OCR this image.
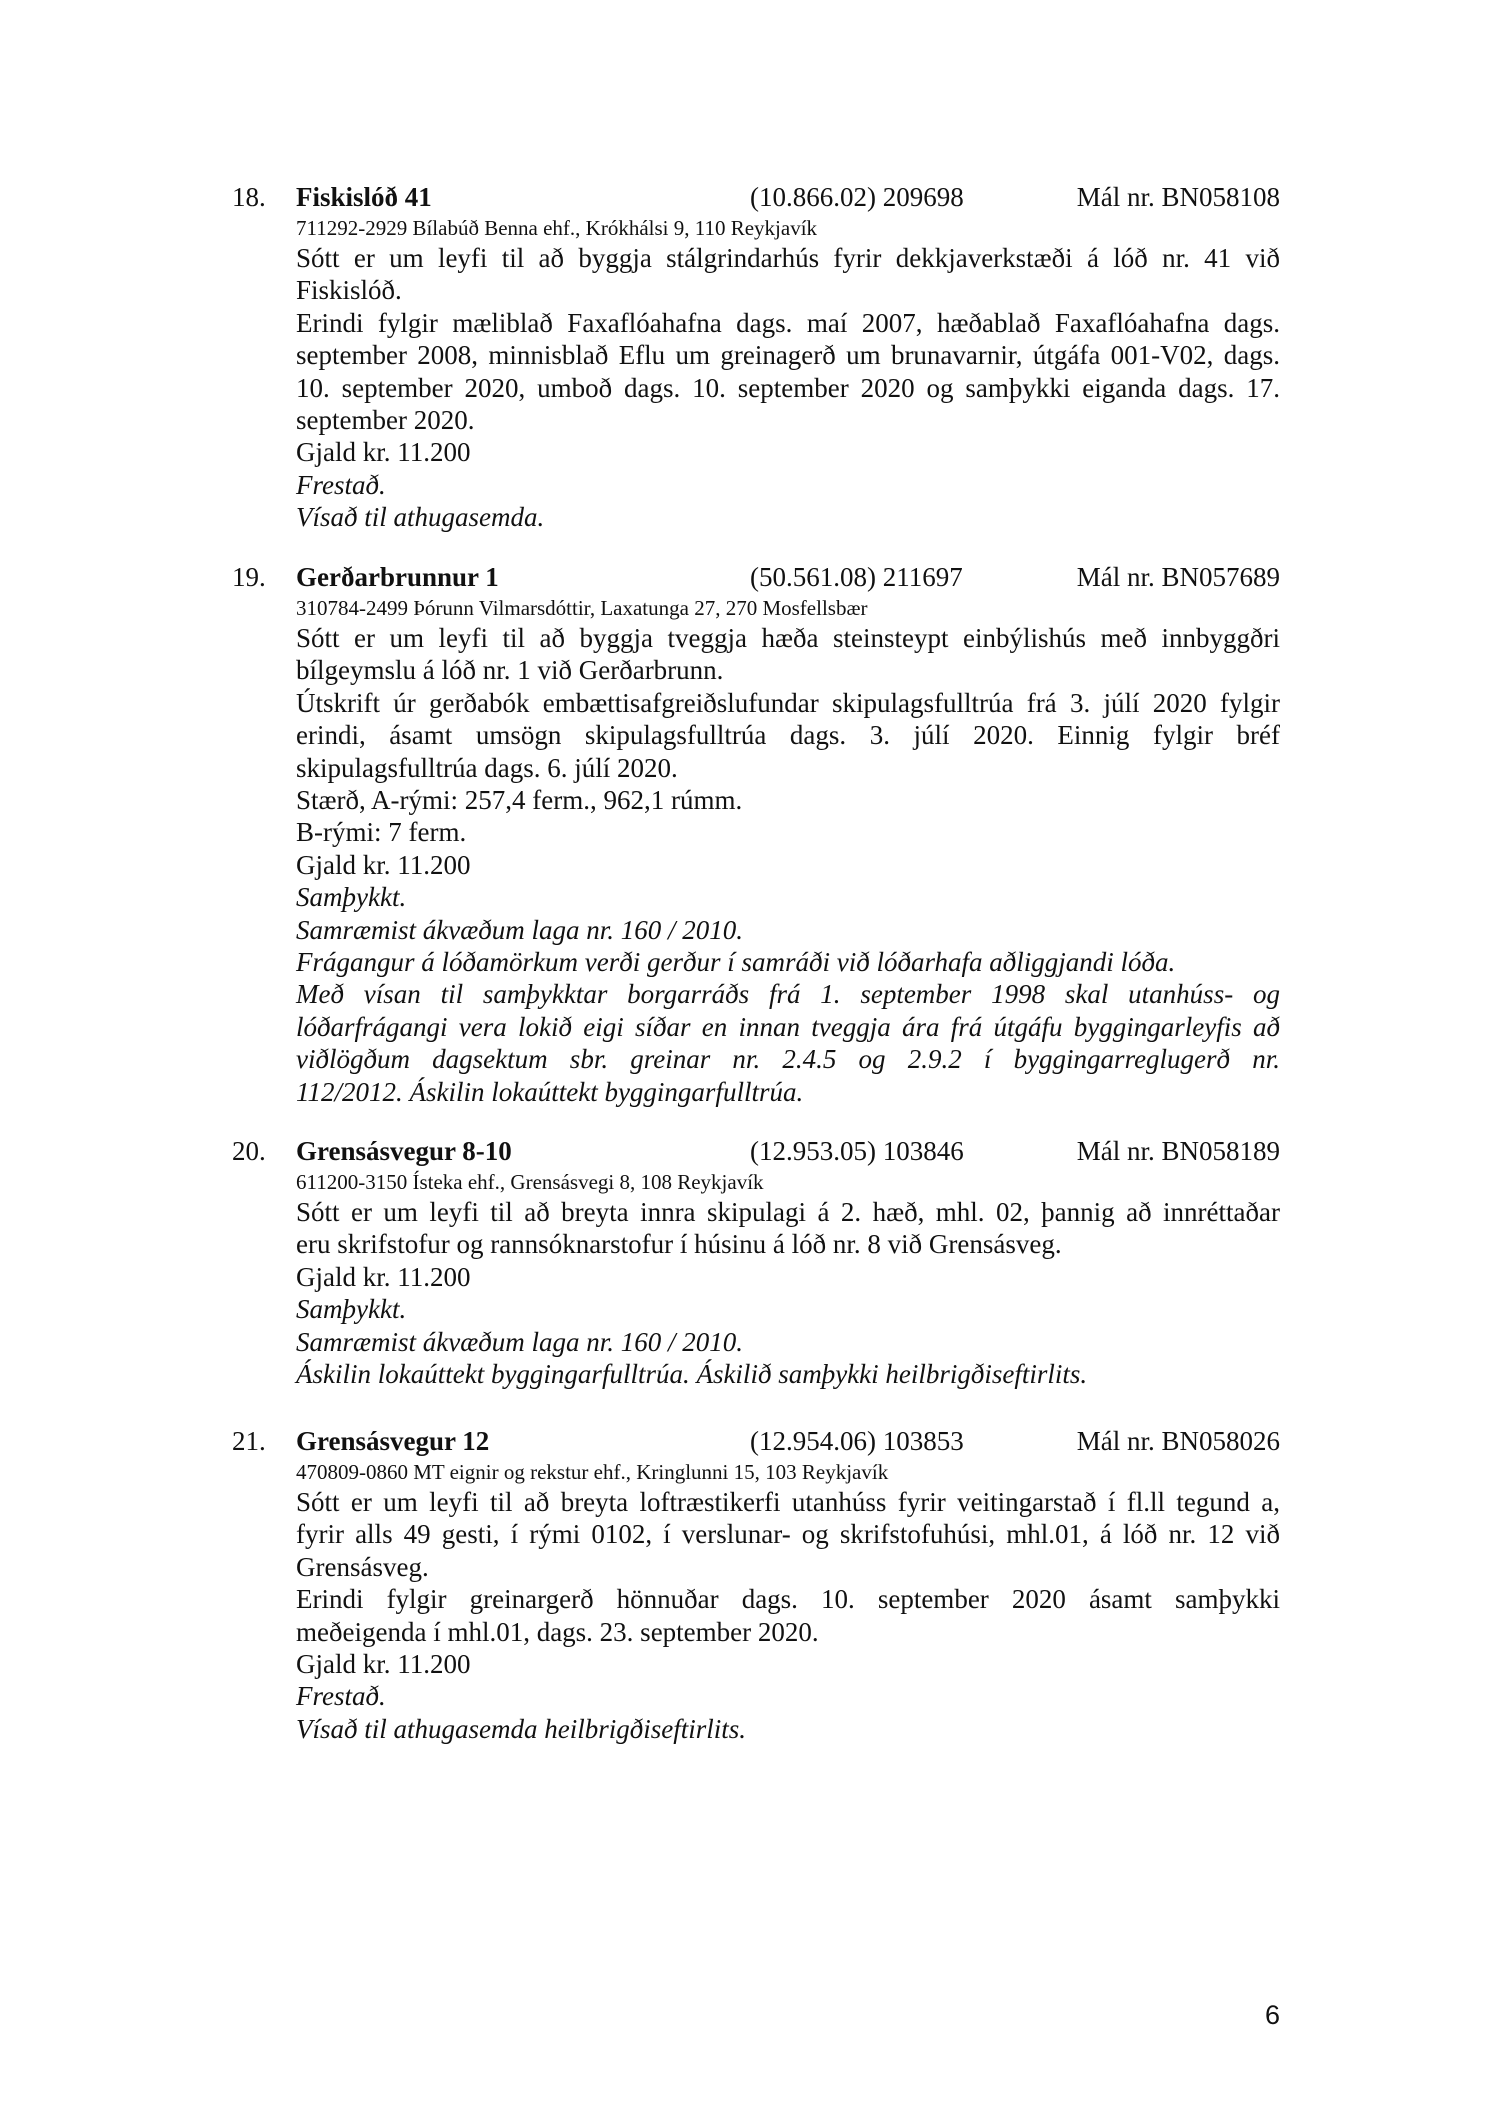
18. Fiskislóð 41	(10.866.02) 209698	Mál nr. BN058108
711292-2929 Bílabúð Benna ehf., Krókhálsi 9, 110 Reykjavík
Sótt er um leyfi til að byggja stálgrindarhús fyrir dekkjaverkstæði á lóð nr. 41 við
Fiskislóð.
Erindi fylgir mæliblað Faxaflóahafna dags. maí 2007, hæðablað Faxaflóahafna dags.
september 2008, minnisblað Eflu um greinagerð um brunavarnir, útgáfa 001-V02, dags.
10. september 2020, umboð dags. 10. september 2020 og samþykki eiganda dags. 17.
september 2020.
Gjald kr. 11.200
Frestað.
Vísað til athugasemda.
19. Gerðarbrunnur 1	(50.561.08) 211697	Mál nr. BN057689
310784-2499 Þórunn Vilmarsdóttir, Laxatunga 27, 270 Mosfellsbær
Sótt er um leyfi til að byggja tveggja hæða steinsteypt einbýlishús með innbyggðri
bílgeymslu á lóð nr. 1 við Gerðarbrunn.
Útskrift úr gerðabók embættisafgreiðslufundar skipulagsfulltrúa frá 3. júlí 2020 fylgir
erindi, ásamt umsögn skipulagsfulltrúa dags. 3. júlí 2020. Einnig fylgir bréf
skipulagsfulltrúa dags. 6. júlí 2020.
Stærð, A-rými: 257,4 ferm., 962,1 rúmm.
B-rými: 7 ferm.
Gjald kr. 11.200
Samþykkt.
Samræmist ákvæðum laga nr. 160 / 2010.
Frágangur á lóðamörkum verði gerður í samráði við lóðarhafa aðliggjandi lóða.
Með vísan til samþykktar borgarráðs frá 1. september 1998 skal utanhúss- og
lóðarfrágangi vera lokið eigi síðar en innan tveggja ára frá útgáfu byggingarleyfis að
viðlögðum dagsektum sbr. greinar nr. 2.4.5 og 2.9.2 í byggingarreglugerð nr.
112/2012. Áskilin lokaúttekt byggingarfulltrúa.
20. Grensásvegur 8-10	(12.953.05) 103846	Mál nr. BN058189
611200-3150 Ísteka ehf., Grensásvegi 8, 108 Reykjavík
Sótt er um leyfi til að breyta innra skipulagi á 2. hæð, mhl. 02, þannig að innréttaðar
eru skrifstofur og rannsóknarstofur í húsinu á lóð nr. 8 við Grensásveg.
Gjald kr. 11.200
Samþykkt.
Samræmist ákvæðum laga nr. 160 / 2010.
Áskilin lokaúttekt byggingarfulltrúa. Áskilið samþykki heilbrigðiseftirlits.
21. Grensásvegur 12	(12.954.06) 103853	Mál nr. BN058026
470809-0860 MT eignir og rekstur ehf., Kringlunni 15, 103 Reykjavík
Sótt er um leyfi til að breyta loftræstikerfi utanhúss fyrir veitingarstað í fl.ll tegund a,
fyrir alls 49 gesti, í rými 0102, í verslunar- og skrifstofuhúsi, mhl.01, á lóð nr. 12 við
Grensásveg.
Erindi fylgir greinargerð hönnuðar dags. 10. september 2020 ásamt samþykki
meðeigenda í mhl.01, dags. 23. september 2020.
Gjald kr. 11.200
Frestað.
Vísað til athugasemda heilbrigðiseftirlits.
6
